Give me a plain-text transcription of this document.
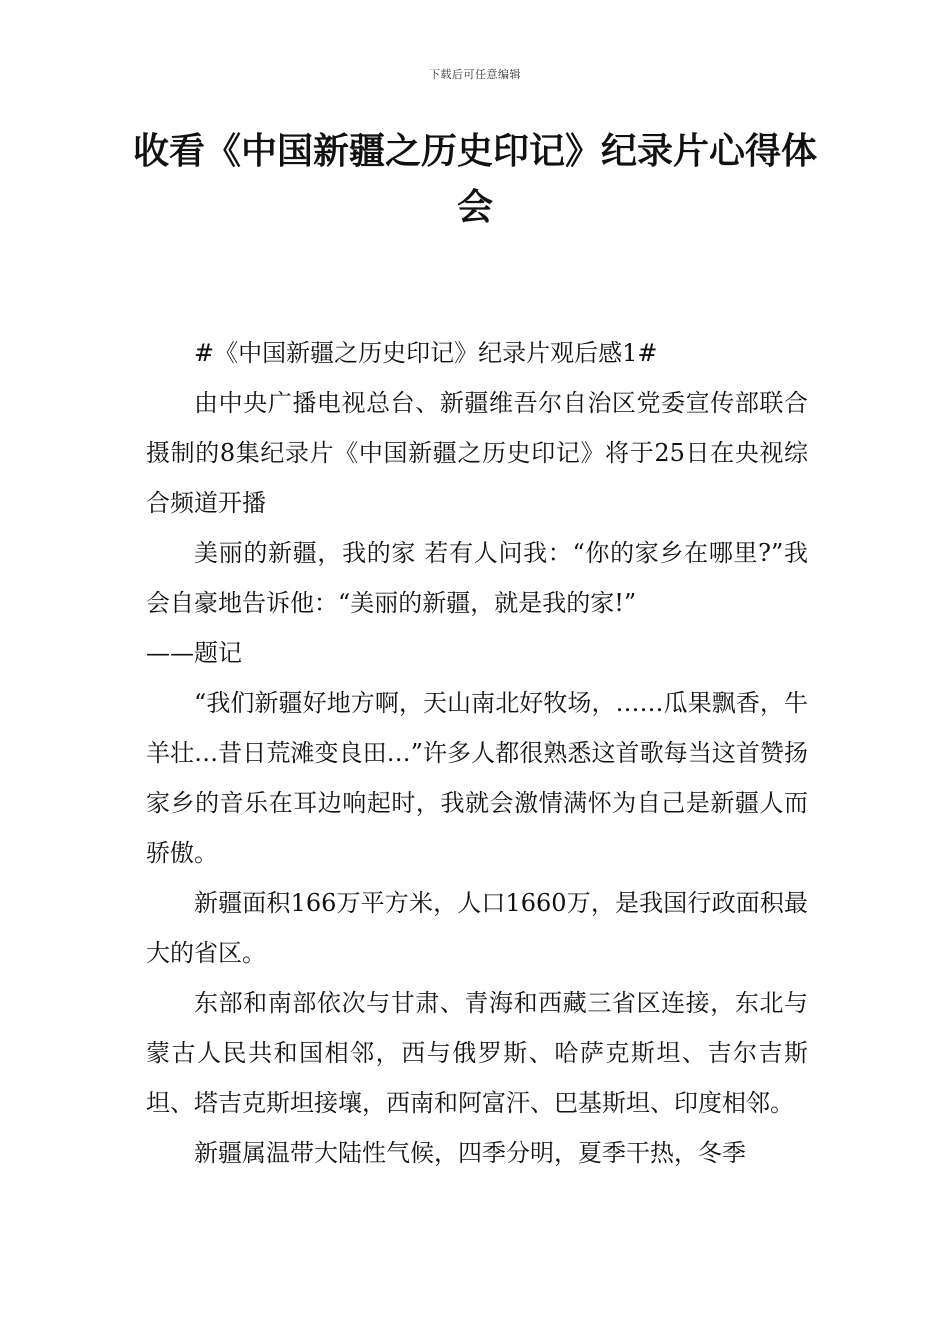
下载后可任意编辑
收看《中国新疆之历史印记》纪录片心得体会

#《中国新疆之历史印记》纪录片观后感1#

由中央广播电视总台、新疆维吾尔自治区党委宣传部联合摄制的8集纪录片《中国新疆之历史印记》将于25日在央视综合频道开播

美丽的新疆，我的家 若有人问我：“你的家乡在哪里?”我会自豪地告诉他：“美丽的新疆，就是我的家!”

——题记

“我们新疆好地方啊，天山南北好牧场，……瓜果飘香，牛羊壮…昔日荒滩变良田…”许多人都很熟悉这首歌每当这首赞扬家乡的音乐在耳边响起时，我就会激情满怀为自己是新疆人而骄傲。

新疆面积166万平方米，人口1660万，是我国行政面积最大的省区。

东部和南部依次与甘肃、青海和西藏三省区连接，东北与蒙古人民共和国相邻，西与俄罗斯、哈萨克斯坦、吉尔吉斯坦、塔吉克斯坦接壤，西南和阿富汗、巴基斯坦、印度相邻。

新疆属温带大陆性气候，四季分明，夏季干热，冬季
